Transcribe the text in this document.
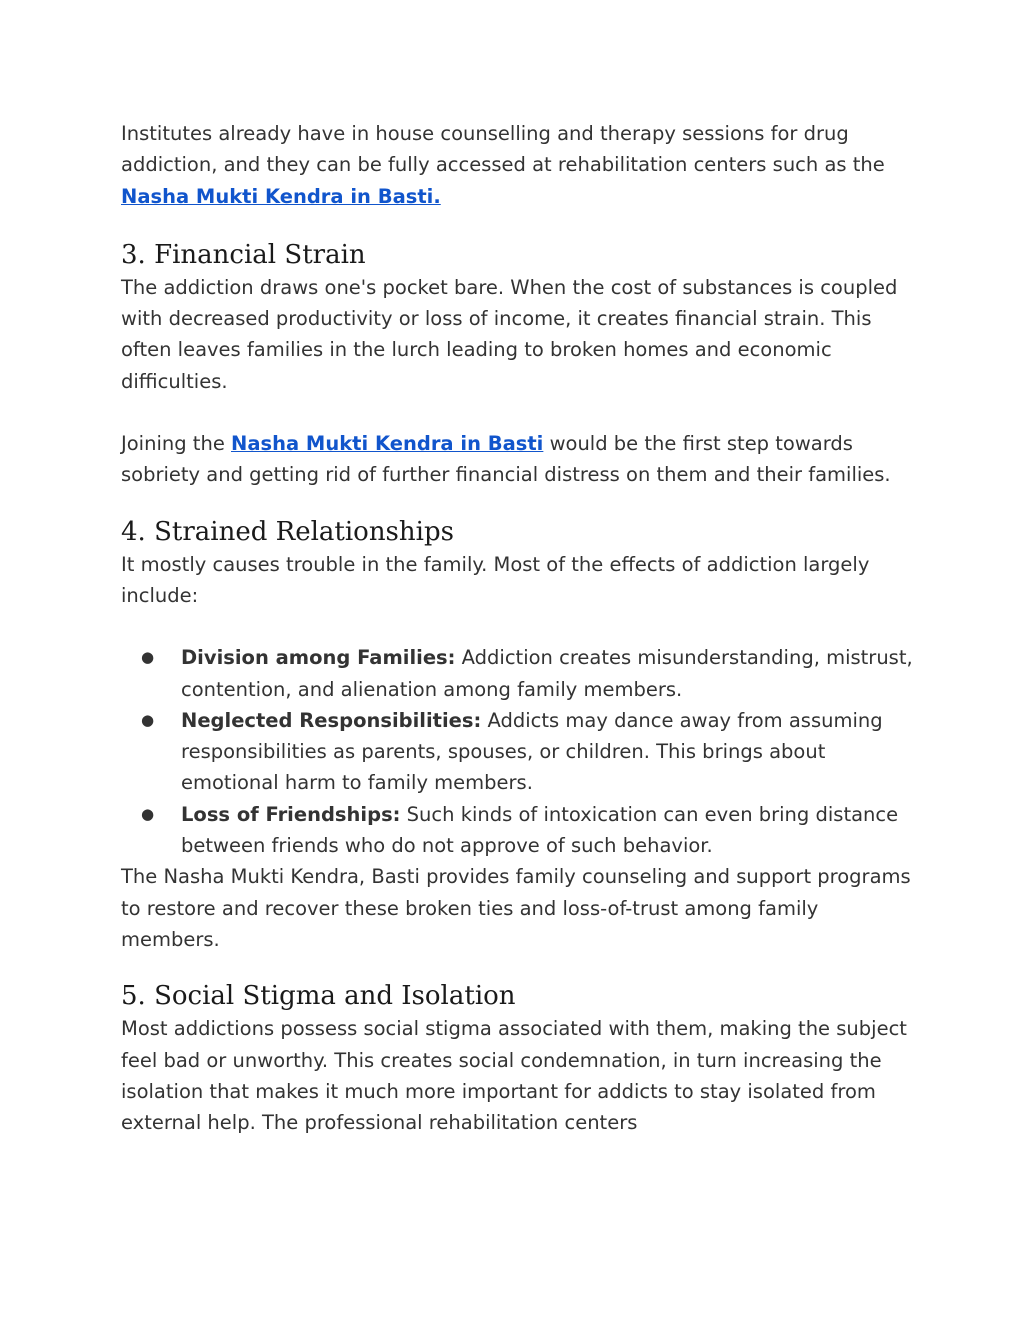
Institutes already have in house counselling and therapy sessions for drug addiction, and they can be fully accessed at rehabilitation centers such as the Nasha Mukti Kendra in Basti.

3. Financial Strain

The addiction draws one's pocket bare. When the cost of substances is coupled with decreased productivity or loss of income, it creates financial strain. This often leaves families in the lurch leading to broken homes and economic difficulties.

Joining the Nasha Mukti Kendra in Basti would be the first step towards sobriety and getting rid of further financial distress on them and their families.

4. Strained Relationships

It mostly causes trouble in the family. Most of the effects of addiction largely include:

● Division among Families: Addiction creates misunderstanding, mistrust, contention, and alienation among family members.
● Neglected Responsibilities: Addicts may dance away from assuming responsibilities as parents, spouses, or children. This brings about emotional harm to family members.
● Loss of Friendships: Such kinds of intoxication can even bring distance between friends who do not approve of such behavior.

The Nasha Mukti Kendra, Basti provides family counseling and support programs to restore and recover these broken ties and loss-of-trust among family members.

5. Social Stigma and Isolation

Most addictions possess social stigma associated with them, making the subject feel bad or unworthy. This creates social condemnation, in turn increasing the isolation that makes it much more important for addicts to stay isolated from external help. The professional rehabilitation centers
